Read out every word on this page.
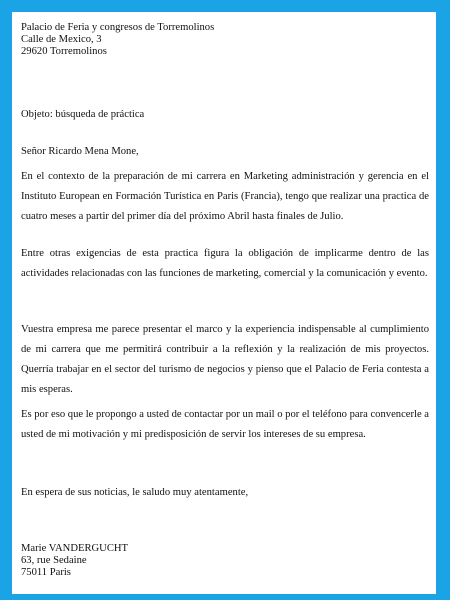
Palacio de Feria y congresos de Torremolinos
Calle de Mexico, 3
29620 Torremolinos

Objeto: búsqueda de práctica

Señor Ricardo Mena Mone,

En el contexto de la preparación de mi carrera en Marketing administración y gerencia en el Instituto European en Formación Turística en Paris (Francia), tengo que realizar una practica de cuatro meses a partir del primer día del próximo Abril hasta finales de Julio.

Entre otras exigencias de esta practica figura la obligación de implicarme dentro de las actividades relacionadas con las funciones de marketing, comercial y la comunicación y evento.

Vuestra empresa me parece presentar el marco y la experiencia indispensable al cumplimiento de mi carrera que me permitirá contribuir a la reflexión y la realización de mis proyectos. Querría trabajar en el sector del turismo de negocios y pienso que el Palacio de Feria contesta a mis esperas.

Es por eso que le propongo a usted de contactar por un mail o por el teléfono para convencerle a usted de mi motivación y mi predisposición de servir los intereses de su empresa.

En espera de sus noticias, le saludo muy atentamente,

Marie VANDERGUCHT
63, rue Sedaine
75011 Paris
